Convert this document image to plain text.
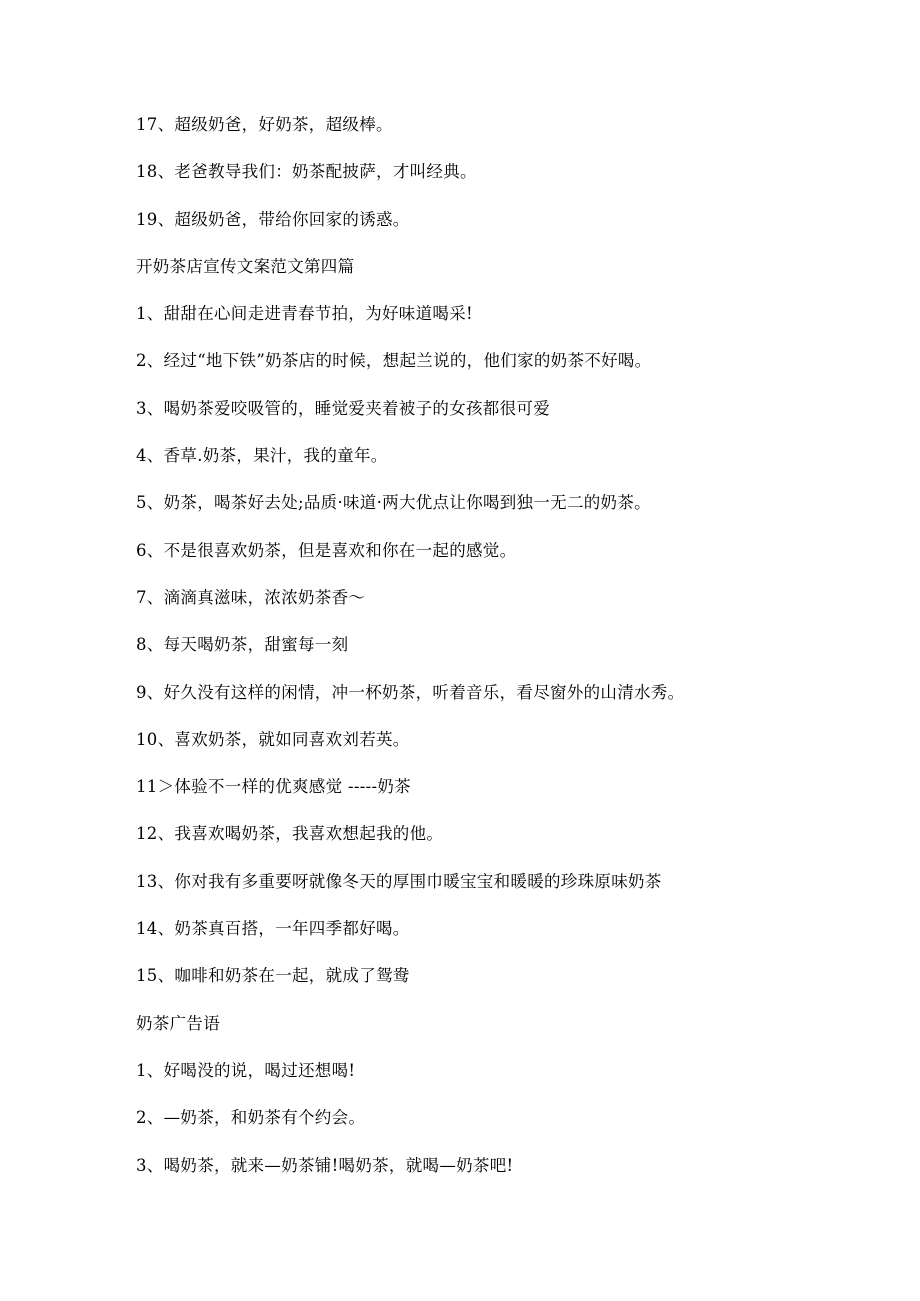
17、超级奶爸，好奶茶，超级棒。
18、老爸教导我们：奶茶配披萨，才叫经典。
19、超级奶爸，带给你回家的诱惑。
开奶茶店宣传文案范文第四篇
1、甜甜在心间走进青春节拍，为好味道喝采!
2、经过“地下铁”奶茶店的时候，想起兰说的，他们家的奶茶不好喝。
3、喝奶茶爱咬吸管的，睡觉爱夹着被子的女孩都很可爱
4、香草.奶茶，果汁，我的童年。
5、奶茶，喝茶好去处;品质·味道·两大优点让你喝到独一无二的奶茶。
6、不是很喜欢奶茶，但是喜欢和你在一起的感觉。
7、滴滴真滋味，浓浓奶茶香～
8、每天喝奶茶，甜蜜每一刻
9、好久没有这样的闲情，冲一杯奶茶，听着音乐，看尽窗外的山清水秀。
10、喜欢奶茶，就如同喜欢刘若英。
11＞体验不一样的优爽感觉 -----奶茶
12、我喜欢喝奶茶，我喜欢想起我的他。
13、你对我有多重要呀就像冬天的厚围巾暖宝宝和暖暖的珍珠原味奶茶
14、奶茶真百搭，一年四季都好喝。
15、咖啡和奶茶在一起，就成了鸳鸯
奶茶广告语
1、好喝没的说，喝过还想喝!
2、—奶茶，和奶茶有个约会。
3、喝奶茶，就来—奶茶铺!喝奶茶，就喝—奶茶吧!
